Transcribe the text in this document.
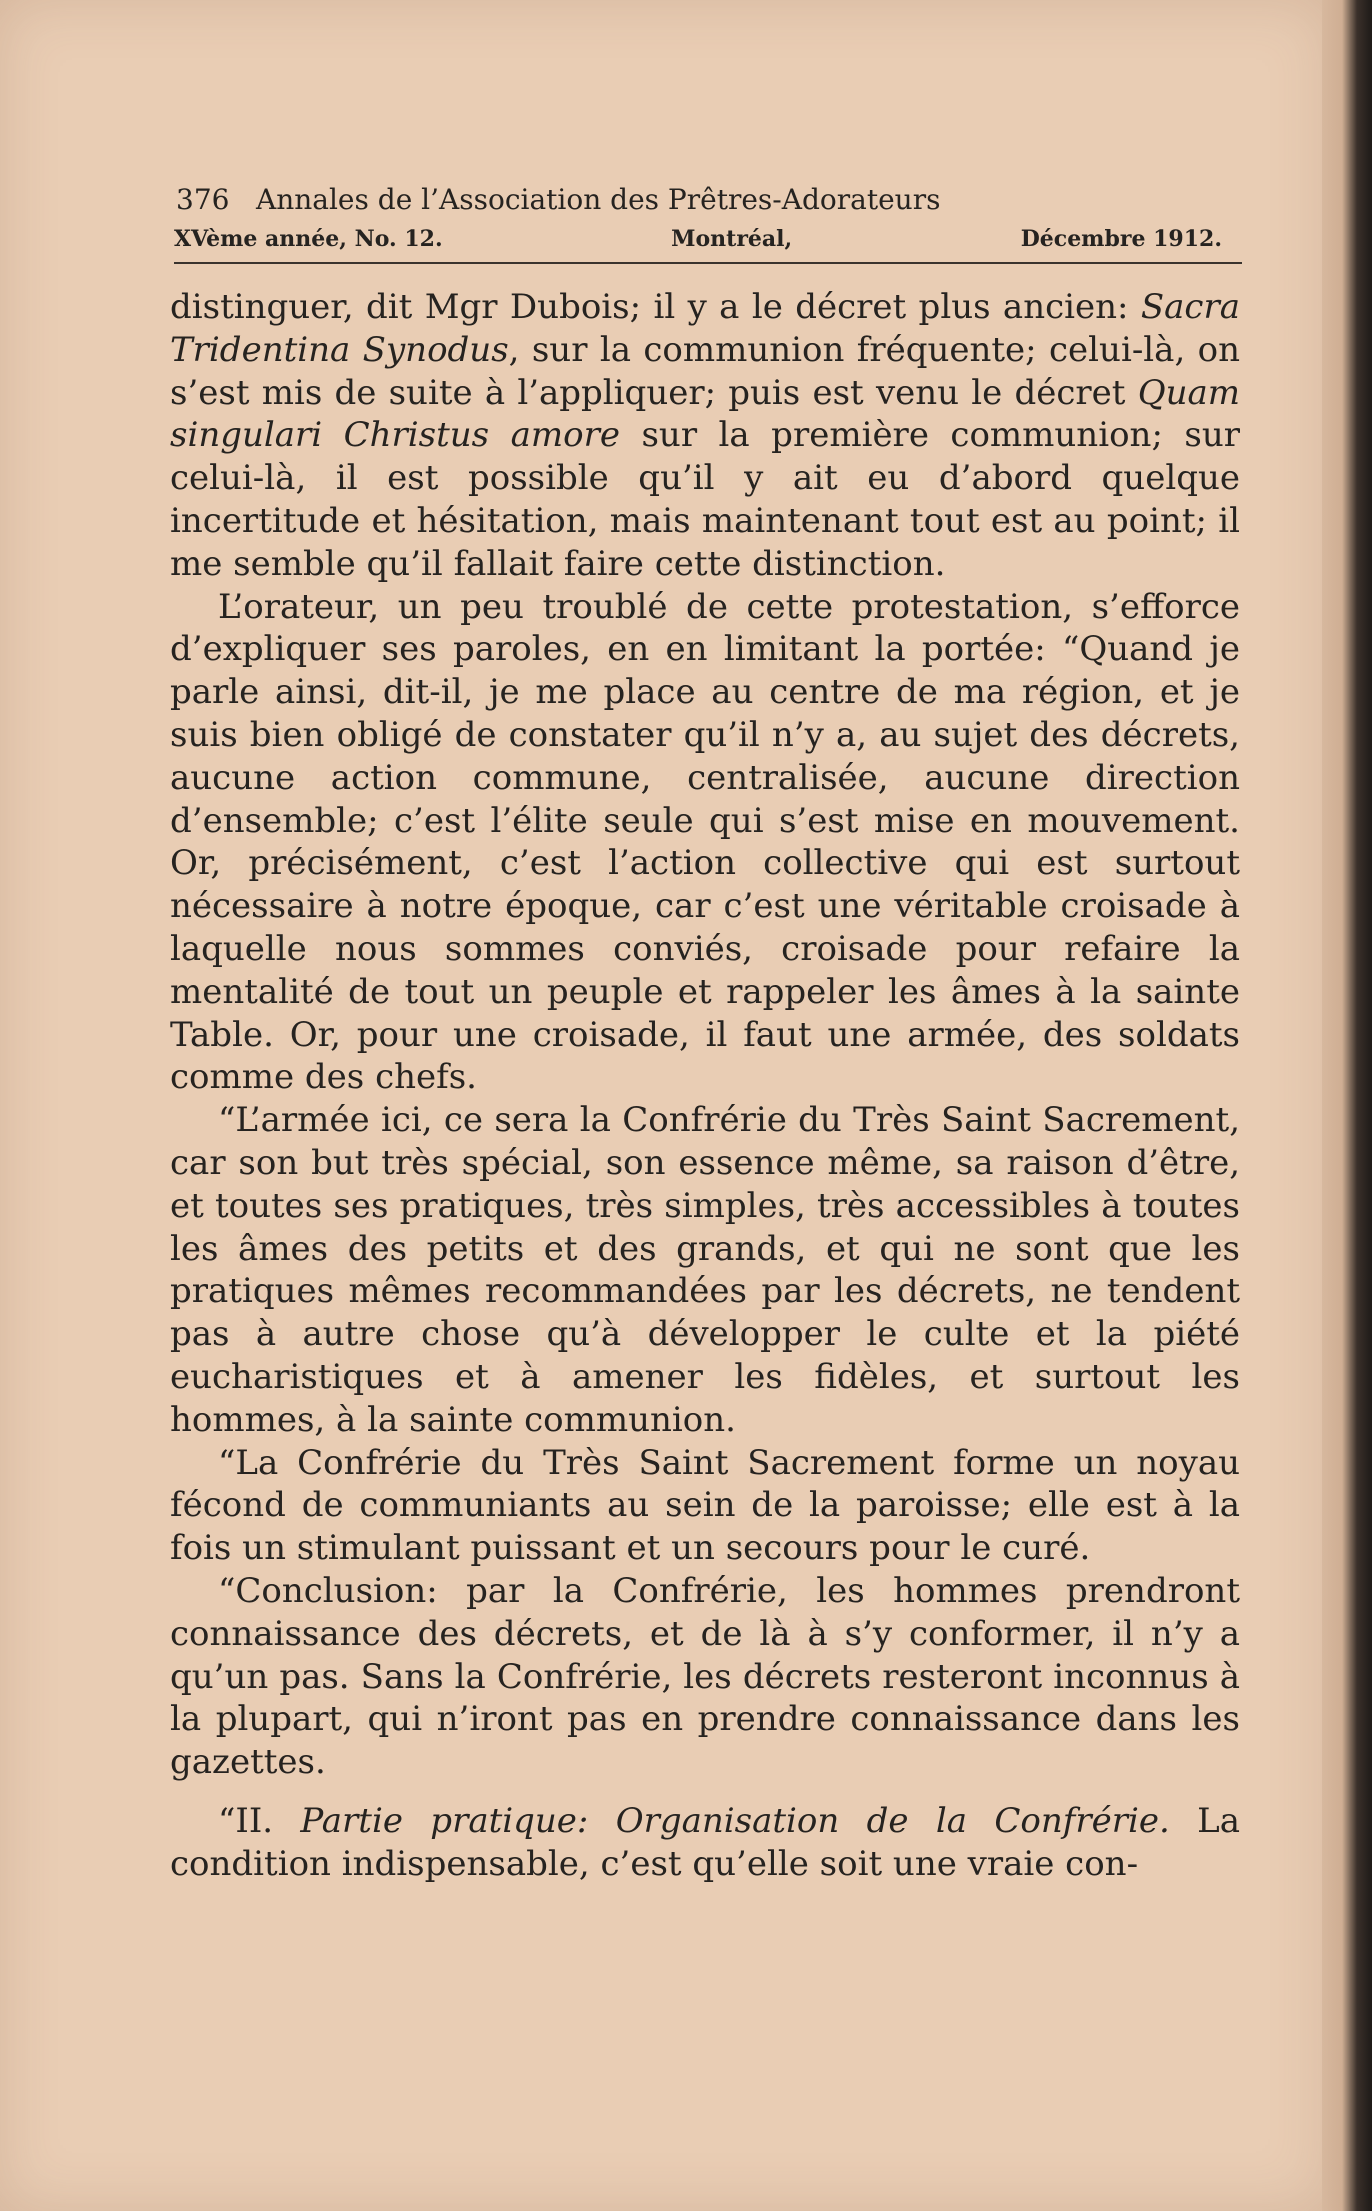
376 Annales de l’Association des Prêtres-Adorateurs
XVème année, No. 12.	Montréal,	Décembre 1912.

distinguer, dit Mgr Dubois; il y a le décret plus ancien: Sacra Tridentina Synodus, sur la communion fréquente; celui-là, on s’est mis de suite à l’appliquer; puis est venu le décret Quam singulari Christus amore sur la première communion; sur celui-là, il est possible qu’il y ait eu d’abord quelque incertitude et hésitation, mais maintenant tout est au point; il me semble qu’il fallait faire cette distinction.

L’orateur, un peu troublé de cette protestation, s’efforce d’expliquer ses paroles, en en limitant la portée: “Quand je parle ainsi, dit-il, je me place au centre de ma région, et je suis bien obligé de constater qu’il n’y a, au sujet des décrets, aucune action commune, centralisée, aucune direction d’ensemble; c’est l’élite seule qui s’est mise en mouvement. Or, précisément, c’est l’action collective qui est surtout nécessaire à notre époque, car c’est une véritable croisade à laquelle nous sommes conviés, croisade pour refaire la mentalité de tout un peuple et rappeler les âmes à la sainte Table. Or, pour une croisade, il faut une armée, des soldats comme des chefs.

“L’armée ici, ce sera la Confrérie du Très Saint Sacrement, car son but très spécial, son essence même, sa raison d’être, et toutes ses pratiques, très simples, très accessibles à toutes les âmes des petits et des grands, et qui ne sont que les pratiques mêmes recommandées par les décrets, ne tendent pas à autre chose qu’à développer le culte et la piété eucharistiques et à amener les fidèles, et surtout les hommes, à la sainte communion.

“La Confrérie du Très Saint Sacrement forme un noyau fécond de communiants au sein de la paroisse; elle est à la fois un stimulant puissant et un secours pour le curé.

“Conclusion: par la Confrérie, les hommes prendront connaissance des décrets, et de là à s’y conformer, il n’y a qu’un pas. Sans la Confrérie, les décrets resteront inconnus à la plupart, qui n’iront pas en prendre connaissance dans les gazettes.

“II. Partie pratique: Organisation de la Confrérie. La condition indispensable, c’est qu’elle soit une vraie con-
